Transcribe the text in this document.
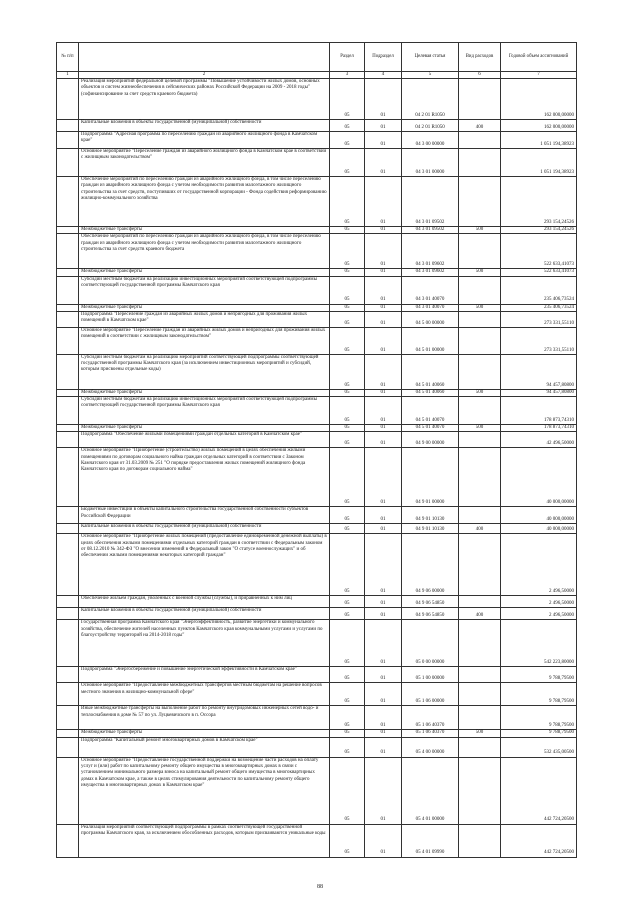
№ п/п		Раздел	Подраздел	Целевая статья	Вид расходов	Годовой объем ассигнований
1	2	3	4	5	6	7
	Реализация мероприятий федеральной целевой программы "Повышение устойчивости жилых домов, основных объектов и систем жизнеобеспечения в сейсмических районах Российской Федерации на 2009 - 2018 годы" (софинансирование за счет средств краевого бюджета)	05	01	04 2 01 R1050		162 000,00000
	Капитальные вложения в объекты государственной (муниципальной) собственности	05	01	04 2 01 R1050	400	162 000,00000
	Подпрограмма "Адресная программа по переселению граждан из аварийного жилищного фонда в Камчатском крае"	05	01	04 3 00 00000		1 051 194,38923
	Основное мероприятие "Переселение граждан из аварийного жилищного фонда в Камчатском крае в соответствии с жилищным законодательством"	05	01	04 3 01 00000		1 051 194,38923
	Обеспечение мероприятий по переселению граждан из аварийного жилищного фонда, в том числе переселению граждан из аварийного жилищного фонда с учетом необходимости развития малоэтажного жилищного строительства за счет средств, поступивших от государственной корпорации - Фонда содействия реформированию жилищно-коммунального хозяйства	05	01	04 3 01 09502		293 154,24526
	Межбюджетные трансферты	05	01	04 3 01 09502	500	293 154,24526
	Обеспечение мероприятий по переселению граждан из аварийного жилищного фонда, в том числе переселению граждан из аварийного жилищного фонда с учетом необходимости развития малоэтажного жилищного строительства за счет средств краевого бюджета	05	01	04 3 01 09602		522 633,41073
	Межбюджетные трансферты	05	01	04 3 01 09602	500	522 633,41073
	Субсидии местным бюджетам на реализацию инвестиционных мероприятий соответствующей подпрограммы соответствующей государственной программы Камчатского края	05	01	04 3 01 40070		235 406,73524
	Межбюджетные трансферты	05	01	04 3 01 40070	500	235 406,73524
	Подпрограмма "Переселение граждан из аварийных жилых домов и непригодных для проживания жилых помещений в Камчатском крае"	05	01	04 5 00 00000		273 331,55110
	Основное мероприятие "Переселение граждан из аварийных жилых домов и непригодных для проживания жилых помещений в соответствии с жилищным законодательством"	05	01	04 5 01 00000		273 331,55110
	Субсидии местным бюджетам на реализацию мероприятий соответствующей подпрограммы соответствующей государственной программы Камчатского края (за исключением инвестиционных мероприятий и субсидий, которым присвоены отдельные коды)	05	01	04 5 01 40060		94 457,80800
	Межбюджетные трансферты	05	01	04 5 01 40060	500	94 457,80800
	Субсидии местным бюджетам на реализацию инвестиционных мероприятий соответствующей подпрограммы соответствующей государственной программы Камчатского края	05	01	04 5 01 40070		178 873,74310
	Межбюджетные трансферты	05	01	04 5 01 40070	500	178 873,74310
	Подпрограмма "Обеспечение жилыми помещениями граждан отдельных категорий в Камчатском крае"	05	01	04 9 00 00000		42 496,50000
	Основное мероприятие "Приобретение (строительство) жилых помещений в целях обеспечения жилыми помещениями по договорам социального найма граждан отдельных категорий в соответствии с Законом Камчатского края от 31.03.2009 № 251 "О порядке предоставления жилых помещений жилищного фонда Камчатского края по договорам социального найма"	05	01	04 9 01 00000		40 000,00000
	Бюджетные инвестиции в объекты капитального строительства государственной собственности субъектов Российской Федерации	05	01	04 9 01 10130		40 000,00000
	Капитальные вложения в объекты государственной (муниципальной) собственности	05	01	04 9 01 10130	400	40 000,00000
	Основное мероприятие "Приобретение жилых помещений (предоставление единовременной денежной выплаты) в целях обеспечения жилыми помещениями отдельных категорий граждан в соответствии с Федеральным законом от 08.12.2010 № 342-ФЗ "О внесении изменений в Федеральный закон "О статусе военнослужащих" и об обеспечении жилыми помещениями некоторых категорий граждан"	05	01	04 9 06 00000		2 496,50000
	Обеспечение жильем граждан, уволенных с военной службы (службы), и приравненных к ним лиц	05	01	04 9 06 54850		2 496,50000
	Капитальные вложения в объекты государственной (муниципальной) собственности	05	01	04 9 06 54850	400	2 496,50000
	Государственная программа Камчатского края "Энергоэффективность, развитие энергетики и коммунального хозяйства, обеспечение жителей населенных пунктов Камчатского края коммунальными услугами и услугами по благоустройству территорий на 2014-2018 годы"	05	01	05 0 00 00000		542 223,80000
	Подпрограмма "Энергосбережение и повышение энергетической эффективности в Камчатском крае"	05	01	05 1 00 00000		9 788,79500
	Основное мероприятие "Предоставление межбюджетных трансфертов местным бюджетам на решение вопросов местного значения в жилищно-коммунальной сфере"	05	01	05 1 06 00000		9 788,79500
	Иные межбюджетные трансферты на выполнение работ по ремонту внутридомовых инженерных сетей водо- и теплоснабжения в доме № 57 по ул. Луцкевичского в п. Оссора	05	01	05 1 06 40370		9 788,79500
	Межбюджетные трансферты	05	01	05 1 06 40370	500	9 788,79500
	Подпрограмма "Капитальный ремонт многоквартирных домов в Камчатском крае"	05	01	05 4 00 00000		532 435,00500
	Основное мероприятие "Предоставление государственной поддержки на возмещение части расходов на оплату услуг и (или) работ по капитальному ремонту общего имущества в многоквартирных домах в связи с установлением минимального размера взноса на капитальный ремонт общего имущества в многоквартирных домах в Камчатском крае, а также в целях стимулирования деятельности по капитальному ремонту общего имущества в многоквартирных домах в Камчатском крае"	05	01	05 4 01 00000		442 724,20500
	Реализация мероприятий соответствующей подпрограммы в рамках соответствующей государственной программы Камчатского края, за исключением обособленных расходов, которым присваиваются уникальные коды	05	01	05 4 01 09990		442 724,20500
88
